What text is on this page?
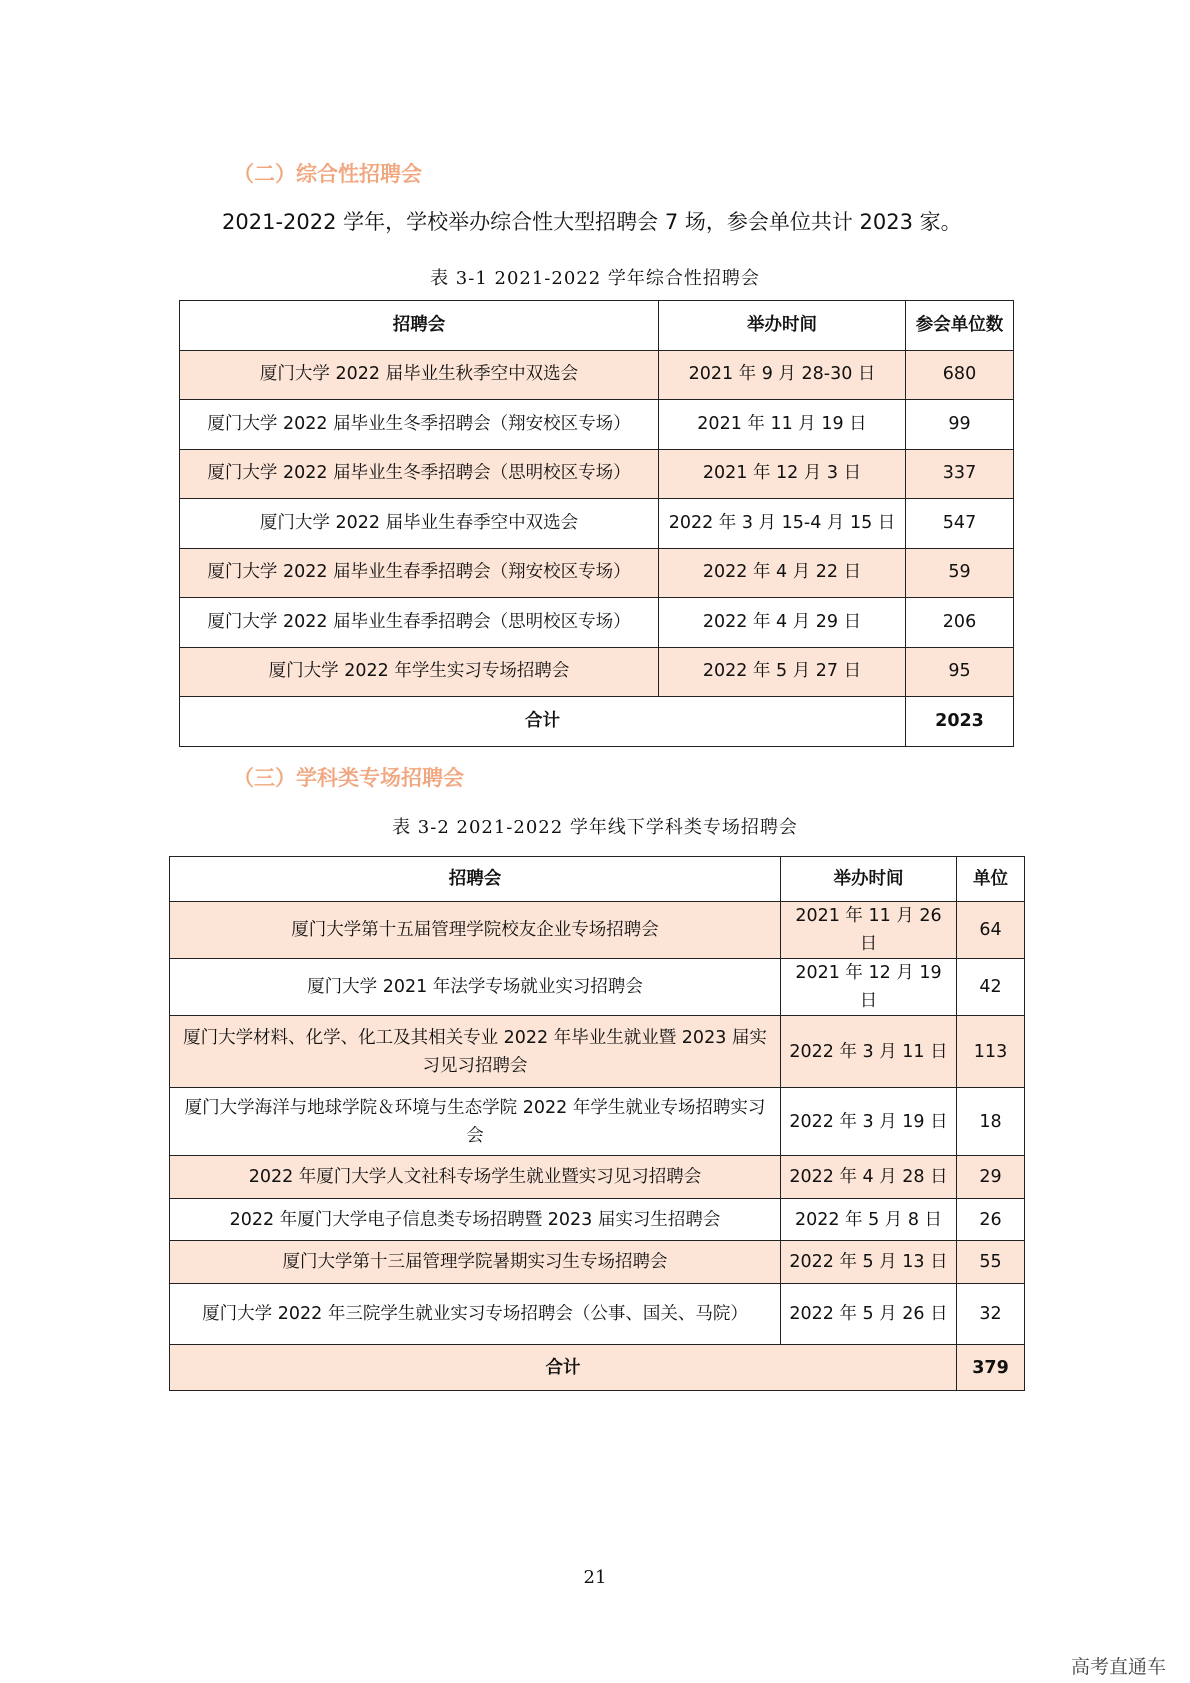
（二）综合性招聘会

2021-2022 学年，学校举办综合性大型招聘会 7 场，参会单位共计 2023 家。

表 3-1 2021-2022 学年综合性招聘会

招聘会	举办时间	参会单位数
厦门大学 2022 届毕业生秋季空中双选会	2021 年 9 月 28-30 日	680
厦门大学 2022 届毕业生冬季招聘会（翔安校区专场）	2021 年 11 月 19 日	99
厦门大学 2022 届毕业生冬季招聘会（思明校区专场）	2021 年 12 月 3 日	337
厦门大学 2022 届毕业生春季空中双选会	2022 年 3 月 15-4 月 15 日	547
厦门大学 2022 届毕业生春季招聘会（翔安校区专场）	2022 年 4 月 22 日	59
厦门大学 2022 届毕业生春季招聘会（思明校区专场）	2022 年 4 月 29 日	206
厦门大学 2022 年学生实习专场招聘会	2022 年 5 月 27 日	95
合计		2023
（三）学科类专场招聘会

表 3-2 2021-2022 学年线下学科类专场招聘会

招聘会	举办时间	单位
厦门大学第十五届管理学院校友企业专场招聘会	2021 年 11 月 26 日	64
厦门大学 2021 年法学专场就业实习招聘会	2021 年 12 月 19 日	42
厦门大学材料、化学、化工及其相关专业 2022 年毕业生就业暨 2023 届实习见习招聘会	2022 年 3 月 11 日	113
厦门大学海洋与地球学院＆环境与生态学院 2022 年学生就业专场招聘实习会	2022 年 3 月 19 日	18
2022 年厦门大学人文社科专场学生就业暨实习见习招聘会	2022 年 4 月 28 日	29
2022 年厦门大学电子信息类专场招聘暨 2023 届实习生招聘会	2022 年 5 月 8 日	26
厦门大学第十三届管理学院暑期实习生专场招聘会	2022 年 5 月 13 日	55
厦门大学 2022 年三院学生就业实习专场招聘会（公事、国关、马院）	2022 年 5 月 26 日	32
合计		379
21
高考直通车
